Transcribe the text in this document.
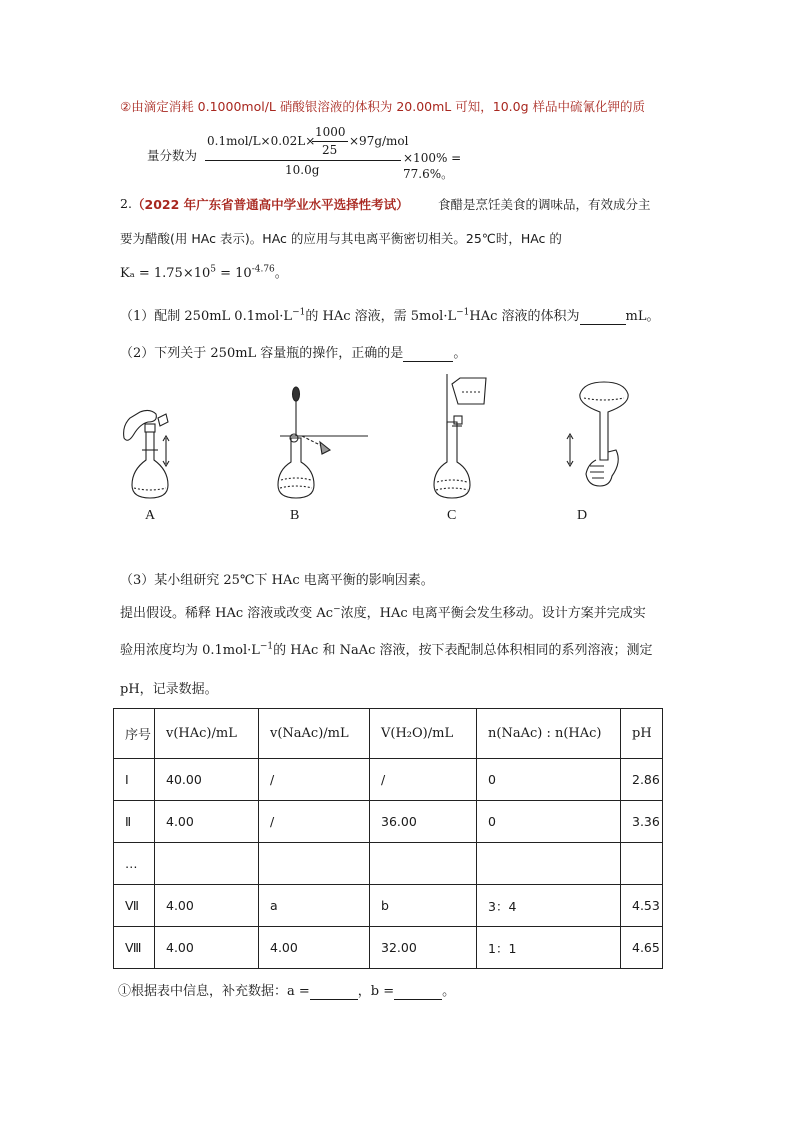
②由滴定消耗 0.1000mol/L 硝酸银溶液的体积为 20.00mL 可知，10.0g 样品中硫氰化钾的质
量分数为
0.1mol/L×0.02L×
1000
25
×97g/mol
10.0g
×100% = 77.6%。
2. （2022 年广东省普通高中学业水平选择性考试） 食醋是烹饪美食的调味品，有效成分主
要为醋酸(用 HAc 表示)。HAc 的应用与其电离平衡密切相关。25℃时，HAc 的
$K_a = 1.75\times 10^5 = 10^{-4.76}$。
（1）配制 250mL $0.1mol\cdot L^{-1}$的 HAc 溶液，需 $5mol\cdot L^{-1}HAc$ 溶液的体积为	mL。
（2）下列关于 250mL 容量瓶的操作，正确的是	。
A	B	C	D
（3）某小组研究 25℃下 HAc 电离平衡的影响因素。
提出假设。稀释 HAc 溶液或改变 Ac−浓度，HAc 电离平衡会发生移动。设计方案并完成实
验用浓度均为 $0.1mol\cdot L^{-1}$的 HAc 和 NaAc 溶液，按下表配制总体积相同的系列溶液；测定
pH，记录数据。
序号	v(HAc)/mL	v(NaAc)/mL	V(H₂O)/mL	n(NaAc) : n(HAc)	pH
Ⅰ	40.00	/	/	0	2.86
Ⅱ	4.00	/	36.00	0	3.36
…					
Ⅶ	4.00	a	b	3：4	4.53
Ⅷ	4.00	4.00	32.00	1：1	4.65
①根据表中信息，补充数据：a =	，b =	。
